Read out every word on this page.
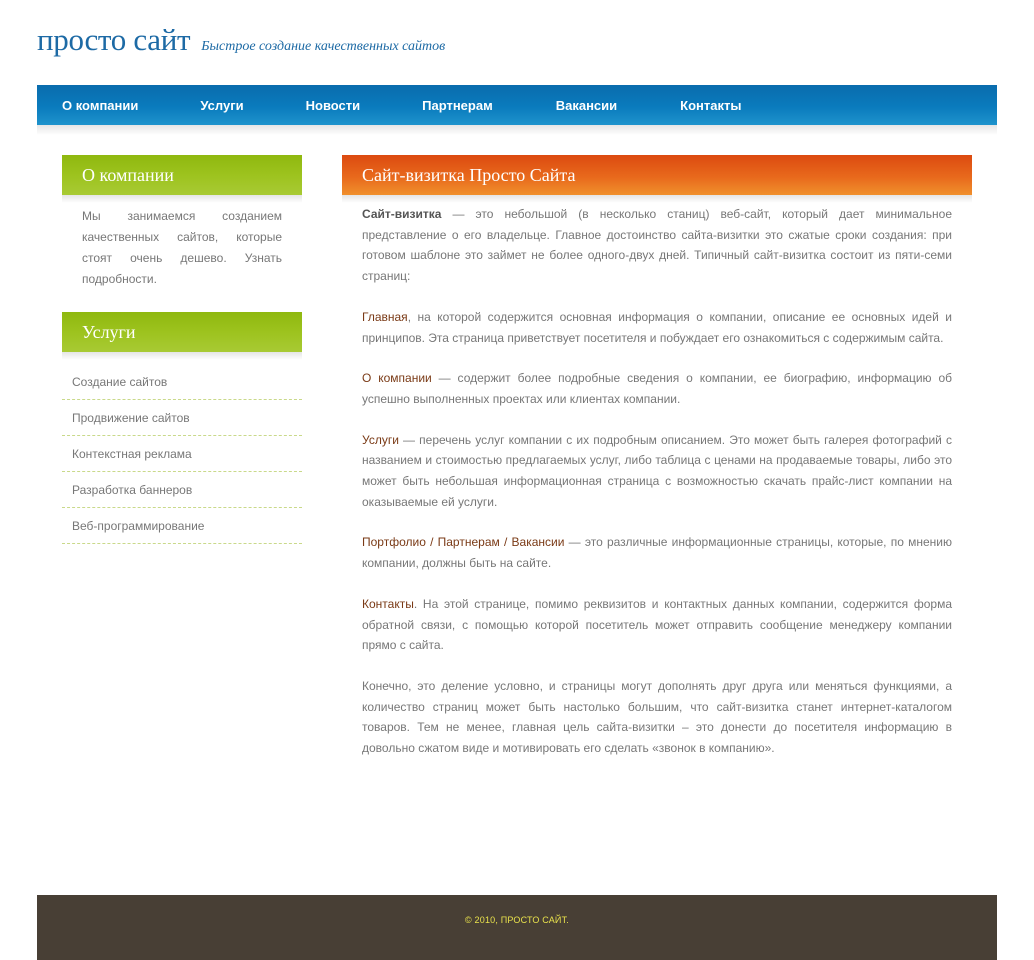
просто сайт Быстрое создание качественных сайтов
О компании	Услуги	Новости	Партнерам	Вакансии	Контакты
О компании

Мы занимаемся созданием качественных сайтов, которые стоят очень дешево. Узнать подробности.

Услуги
Создание сайтов
Продвижение сайтов
Контекстная реклама
Разработка баннеров
Веб-программирование
Сайт-визитка Просто Сайта

Сайт-визитка — это небольшой (в несколько станиц) веб-сайт, который дает минимальное представление о его владельце. Главное достоинство сайта-визитки это сжатые сроки создания: при готовом шаблоне это займет не более одного-двух дней. Типичный сайт-визитка состоит из пяти-семи страниц:

Главная, на которой содержится основная информация о компании, описание ее основных идей и принципов. Эта страница приветствует посетителя и побуждает его ознакомиться с содержимым сайта.

О компании — содержит более подробные сведения о компании, ее биографию, информацию об успешно выполненных проектах или клиентах компании.

Услуги — перечень услуг компании с их подробным описанием. Это может быть галерея фотографий с названием и стоимостью предлагаемых услуг, либо таблица с ценами на продаваемые товары, либо это может быть небольшая информационная страница с возможностью скачать прайс-лист компании на оказываемые ей услуги.

Портфолио / Партнерам / Вакансии — это различные информационные страницы, которые, по мнению компании, должны быть на сайте.

Контакты. На этой странице, помимо реквизитов и контактных данных компании, содержится форма обратной связи, с помощью которой посетитель может отправить сообщение менеджеру компании прямо с сайта.

Конечно, это деление условно, и страницы могут дополнять друг друга или меняться функциями, а количество страниц может быть настолько большим, что сайт-визитка станет интернет-каталогом товаров. Тем не менее, главная цель сайта-визитки – это донести до посетителя информацию в довольно сжатом виде и мотивировать его сделать «звонок в компанию».

© 2010, ПРОСТО САЙТ.
